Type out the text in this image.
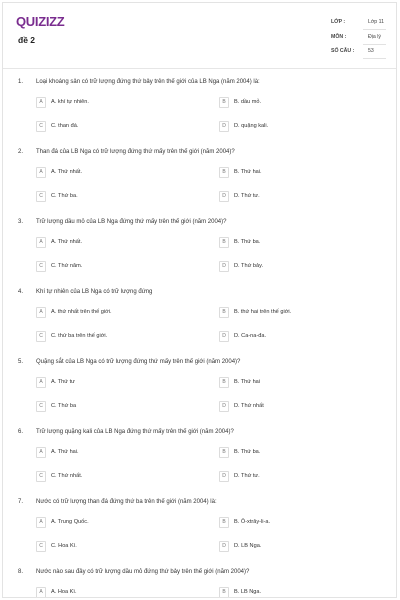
QUIZIZZ
đề 2
LỚP :	Lớp 11
MÔN :	Địa lý
SỐ CÂU :	53
1. Loại khoáng sản có trữ lượng đứng thứ bảy trên thế giới của LB Nga (năm 2004) là:
A	A. khí tự nhiên.	B	B. dầu mỏ.
C	C. than đá.	D	D. quặng kali.
2. Than đá của LB Nga có trữ lượng đứng thứ mấy trên thế giới (năm 2004)?
A	A. Thứ nhất.	B	B. Thứ hai.
C	C. Thứ ba.	D	D. Thứ tư.
3. Trữ lượng dầu mỏ của LB Nga đứng thứ mấy trên thế giới (năm 2004)?
A	A. Thứ nhất.	B	B. Thứ ba.
C	C. Thứ năm.	D	D. Thứ bảy.
4. Khí tự nhiên của LB Nga có trữ lượng đứng
A	A. thứ nhất trên thế giới.	B	B. thứ hai trên thế giới.
C	C. thứ ba trên thế giới.	D	D. Ca-na-đa.
5. Quặng sắt của LB Nga có trữ lượng đứng thứ mấy trên thế giới (năm 2004)?
A	A. Thứ tư	B	B. Thứ hai
C	C. Thứ ba	D	D. Thứ nhất
6. Trữ lượng quặng kali của LB Nga đứng thứ mấy trên thế giới (năm 2004)?
A	A. Thứ hai.	B	B. Thứ ba.
C	C. Thứ nhất.	D	D. Thứ tư.
7. Nước có trữ lượng than đá đứng thứ ba trên thế giới (năm 2004) là:
A	A. Trung Quốc.	B	B. Ô-xtrây-li-a.
C	C. Hoa Kì.	D	D. LB Nga.
8. Nước nào sau đây có trữ lượng dầu mỏ đứng thứ bảy trên thế giới (năm 2004)?
A	A. Hoa Kì.	B	B. LB Nga.
